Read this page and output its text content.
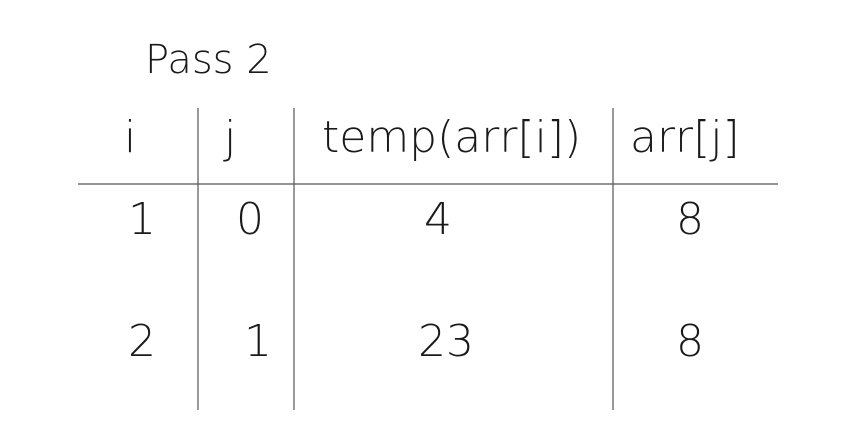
Pass 2
i j temp(arr[i]) arr[j]
1 0	4	8
2 1	23	8
